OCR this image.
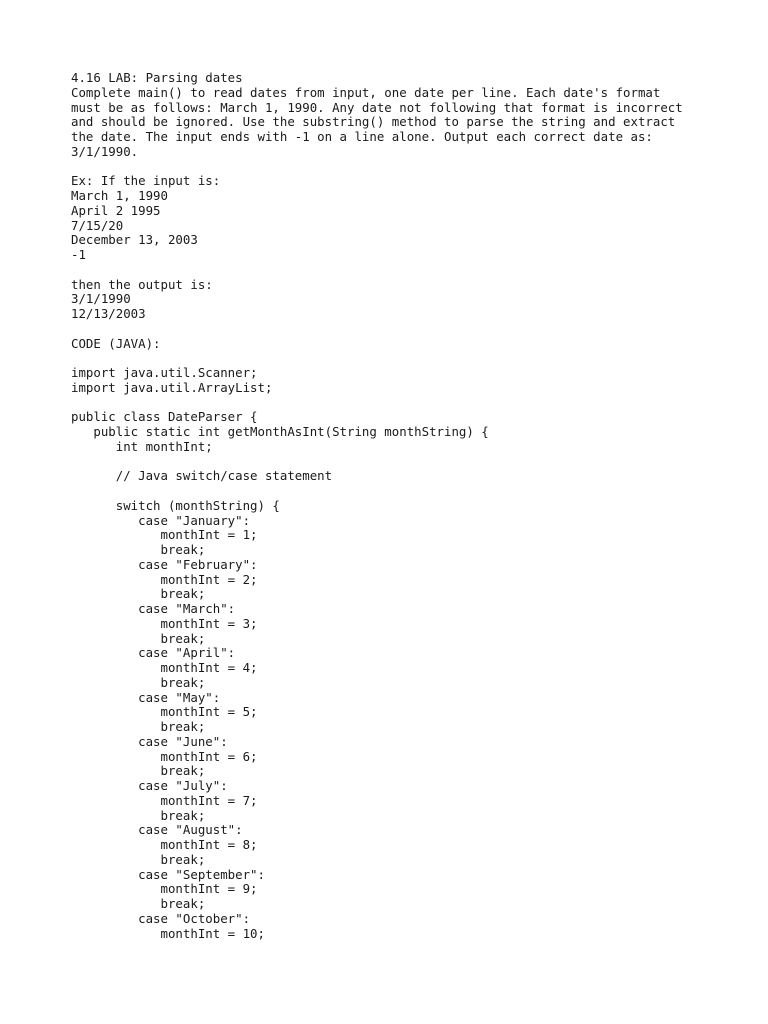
4.16 LAB: Parsing dates
Complete main() to read dates from input, one date per line. Each date's format
must be as follows: March 1, 1990. Any date not following that format is incorrect
and should be ignored. Use the substring() method to parse the string and extract
the date. The input ends with -1 on a line alone. Output each correct date as:
3/1/1990.
Ex: If the input is:
March 1, 1990
April 2 1995
7/15/20
December 13, 2003
-1
then the output is:
3/1/1990
12/13/2003
CODE (JAVA):
import java.util.Scanner;
import java.util.ArrayList;
public class DateParser {
public static int getMonthAsInt(String monthString) {
int monthInt;
// Java switch/case statement
switch (monthString) {
case "January":
monthInt = 1;
break;
case "February":
monthInt = 2;
break;
case "March":
monthInt = 3;
break;
case "April":
monthInt = 4;
break;
case "May":
monthInt = 5;
break;
case "June":
monthInt = 6;
break;
case "July":
monthInt = 7;
break;
case "August":
monthInt = 8;
break;
case "September":
monthInt = 9;
break;
case "October":
monthInt = 10;
